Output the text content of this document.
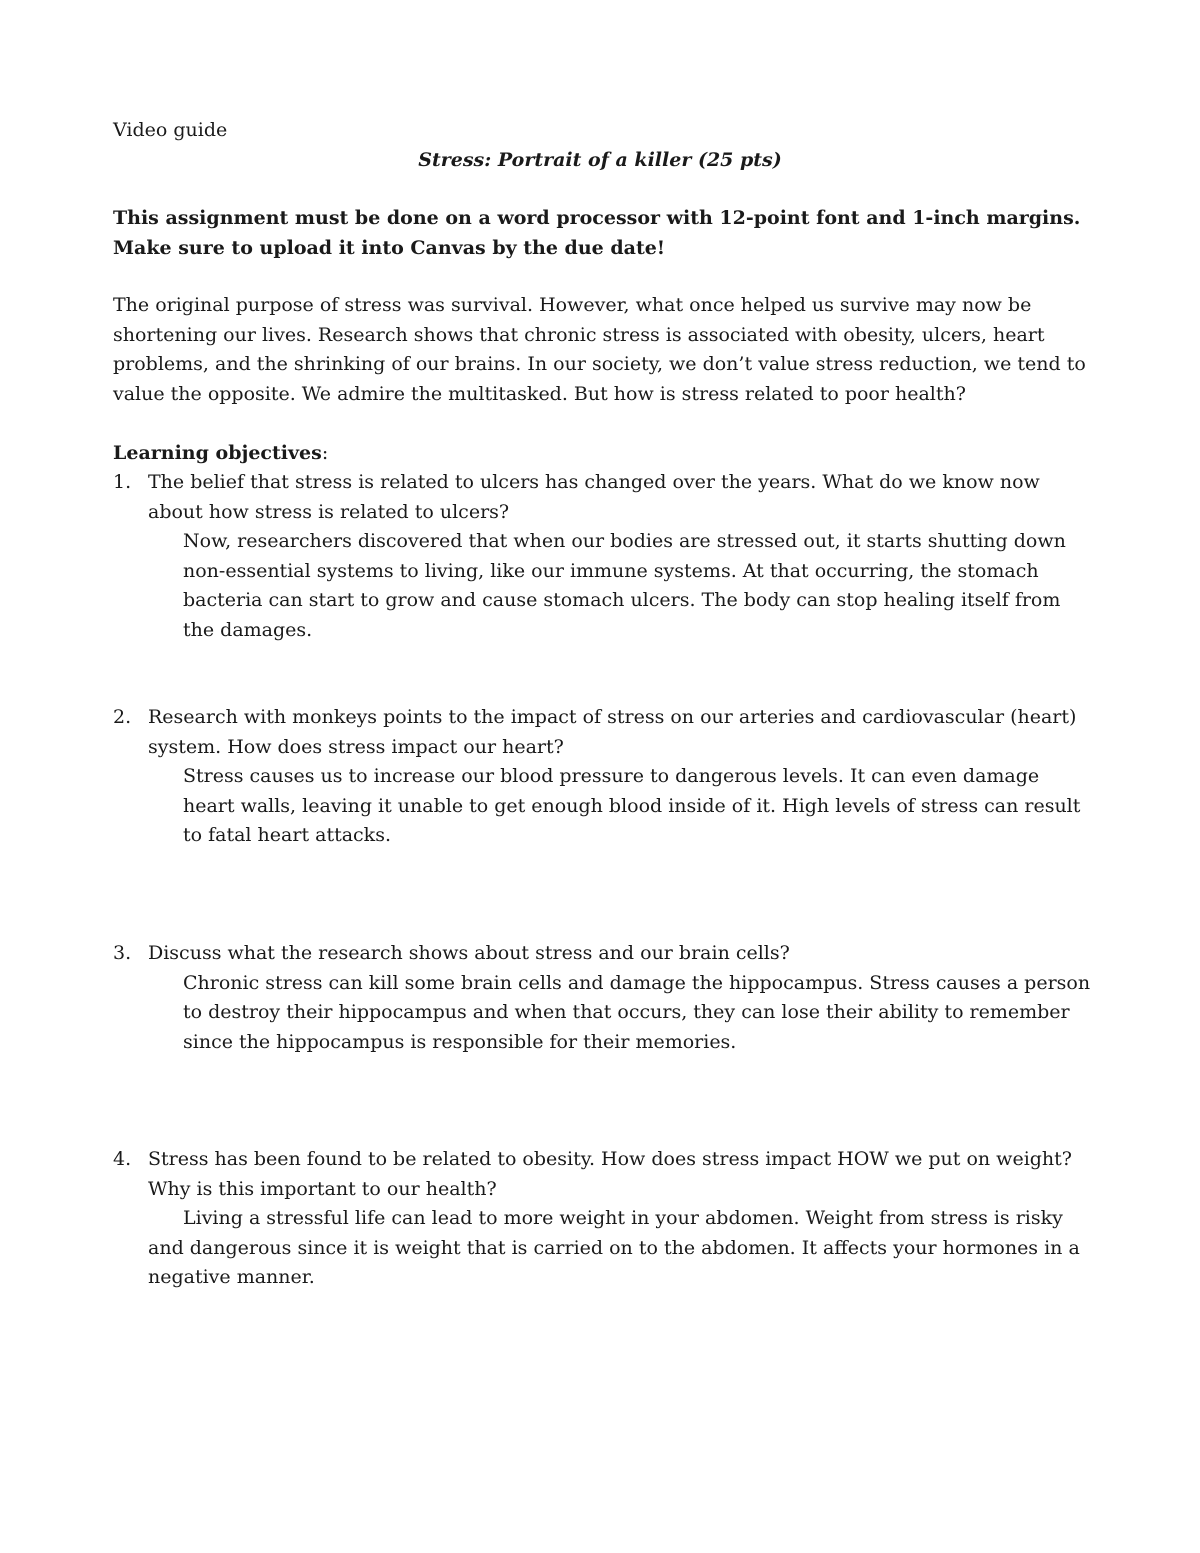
Video guide
Stress: Portrait of a killer (25 pts)
This assignment must be done on a word processor with 12-point font and 1-inch margins. Make sure to upload it into Canvas by the due date!
The original purpose of stress was survival. However, what once helped us survive may now be shortening our lives. Research shows that chronic stress is associated with obesity, ulcers, heart problems, and the shrinking of our brains. In our society, we don’t value stress reduction, we tend to value the opposite. We admire the multitasked. But how is stress related to poor health?
Learning objectives:
1. The belief that stress is related to ulcers has changed over the years. What do we know now about how stress is related to ulcers?
Now, researchers discovered that when our bodies are stressed out, it starts shutting down non-essential systems to living, like our immune systems. At that occurring, the stomach bacteria can start to grow and cause stomach ulcers. The body can stop healing itself from the damages.
2. Research with monkeys points to the impact of stress on our arteries and cardiovascular (heart) system. How does stress impact our heart?
Stress causes us to increase our blood pressure to dangerous levels. It can even damage heart walls, leaving it unable to get enough blood inside of it. High levels of stress can result to fatal heart attacks.
3. Discuss what the research shows about stress and our brain cells?
Chronic stress can kill some brain cells and damage the hippocampus. Stress causes a person to destroy their hippocampus and when that occurs, they can lose their ability to remember since the hippocampus is responsible for their memories.
4. Stress has been found to be related to obesity. How does stress impact HOW we put on weight? Why is this important to our health?
Living a stressful life can lead to more weight in your abdomen. Weight from stress is risky and dangerous since it is weight that is carried on to the abdomen. It affects your hormones in a negative manner.
